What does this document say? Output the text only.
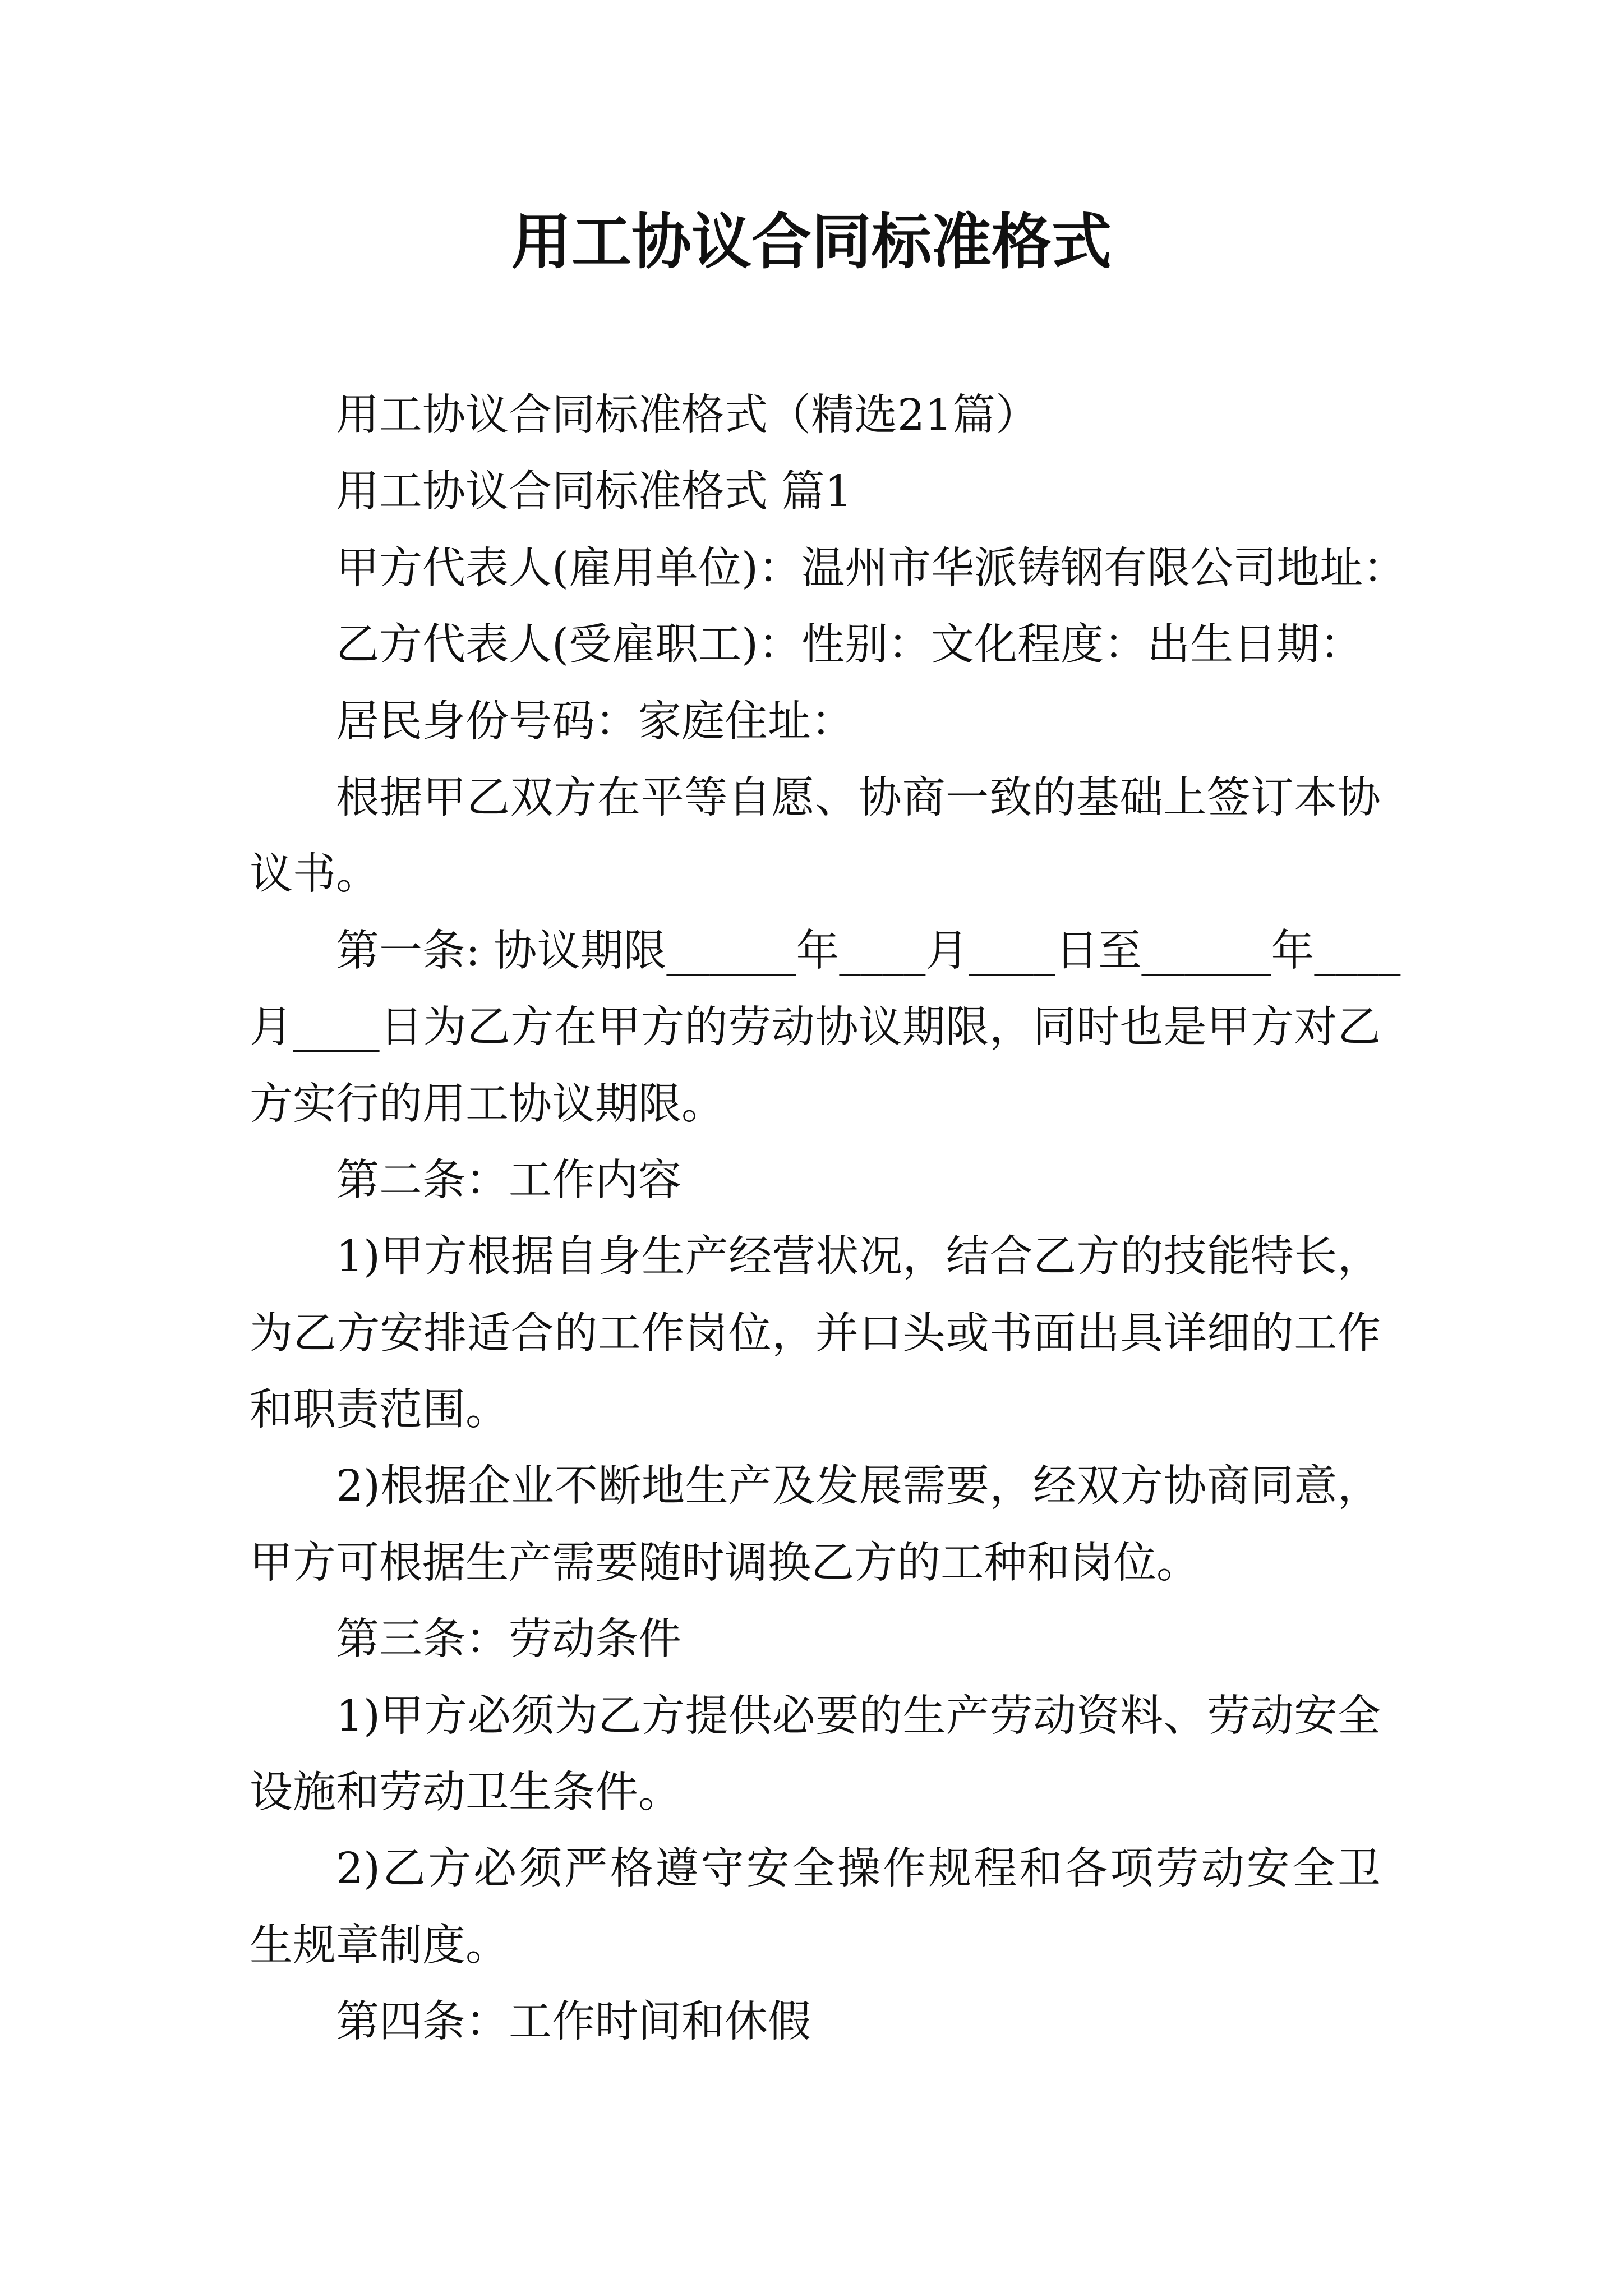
用工协议合同标准格式
用工协议合同标准格式（精选21篇）
用工协议合同标准格式 篇1
甲方代表人(雇用单位)：温州市华派铸钢有限公司地址：
乙方代表人(受雇职工)：性别：文化程度：出生日期：
居民身份号码：家庭住址：
根据甲乙双方在平等自愿、协商一致的基础上签订本协
议书。
第一条: 协议期限______年____月____日至______年____
月____日为乙方在甲方的劳动协议期限，同时也是甲方对乙
方实行的用工协议期限。
第二条：工作内容
1)甲方根据自身生产经营状况，结合乙方的技能特长，
为乙方安排适合的工作岗位，并口头或书面出具详细的工作
和职责范围。
2)根据企业不断地生产及发展需要，经双方协商同意，
甲方可根据生产需要随时调换乙方的工种和岗位。
第三条：劳动条件
1)甲方必须为乙方提供必要的生产劳动资料、劳动安全
设施和劳动卫生条件。
2)乙方必须严格遵守安全操作规程和各项劳动安全卫
生规章制度。
第四条：工作时间和休假
